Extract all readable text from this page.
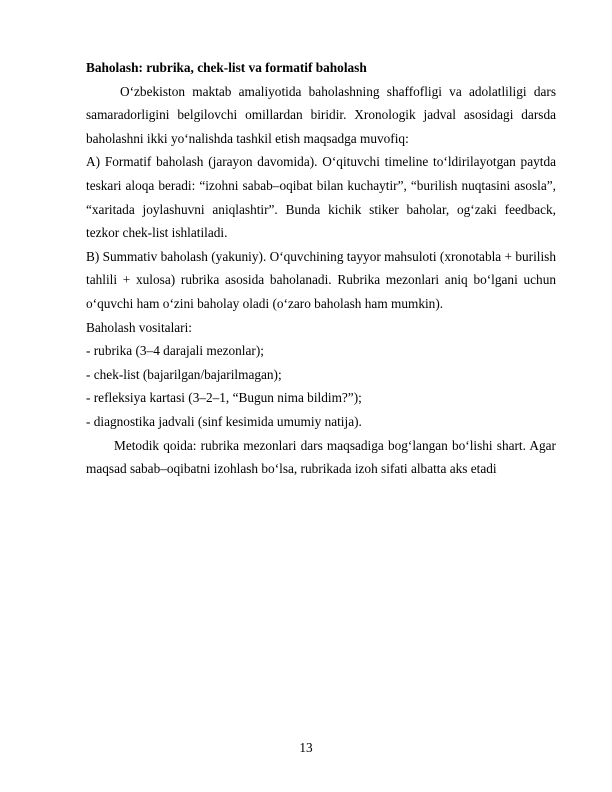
Baholash: rubrika, chek-list va formatif baholash

O‘zbekiston maktab amaliyotida baholashning shaffofligi va adolatliligi dars samaradorligini belgilovchi omillardan biridir. Xronologik jadval asosidagi darsda baholashni ikki yo‘nalishda tashkil etish maqsadga muvofiq:

A) Formatif baholash (jarayon davomida). O‘qituvchi timeline to‘ldirilayotgan paytda teskari aloqa beradi: “izohni sabab–oqibat bilan kuchaytir”, “burilish nuqtasini asosla”, “xaritada joylashuvni aniqlashtir”. Bunda kichik stiker baholar, og‘zaki feedback, tezkor chek-list ishlatiladi.

B) Summativ baholash (yakuniy). O‘quvchining tayyor mahsuloti (xronotabla + burilish tahlili + xulosa) rubrika asosida baholanadi. Rubrika mezonlari aniq bo‘lgani uchun o‘quvchi ham o‘zini baholay oladi (o‘zaro baholash ham mumkin).

Baholash vositalari:

- rubrika (3–4 darajali mezonlar);

- chek-list (bajarilgan/bajarilmagan);

- refleksiya kartasi (3–2–1, “Bugun nima bildim?”);

- diagnostika jadvali (sinf kesimida umumiy natija).

Metodik qoida: rubrika mezonlari dars maqsadiga bog‘langan bo‘lishi shart. Agar maqsad sabab–oqibatni izohlash bo‘lsa, rubrikada izoh sifati albatta aks etadi

13
